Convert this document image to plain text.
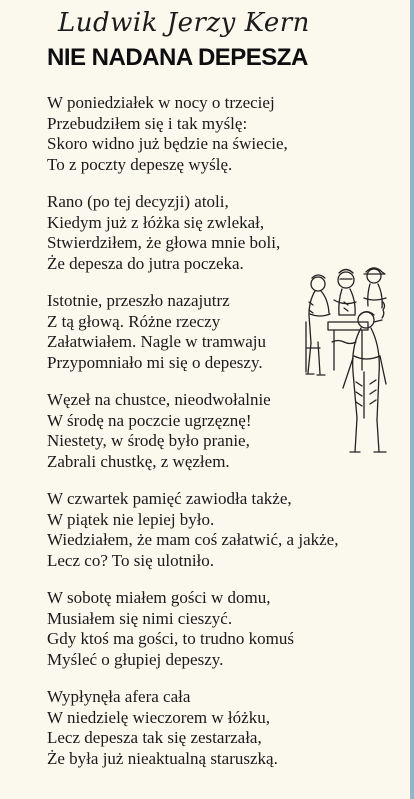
Ludwik Jerzy Kern
NIE NADANA DEPESZA
W poniedziałek w nocy o trzeciej
Przebudziłem się i tak myślę:
Skoro widno już będzie na świecie,
To z poczty depeszę wyślę.
Rano (po tej decyzji) atoli,
Kiedym już z łóżka się zwlekał,
Stwierdziłem, że głowa mnie boli,
Że depesza do jutra poczeka.
Istotnie, przeszło nazajutrz
Z tą głową. Różne rzeczy
Załatwiałem. Nagle w tramwaju
Przypomniało mi się o depeszy.
Węzeł na chustce, nieodwołalnie
W środę na poczcie ugrzęznę!
Niestety, w środę było pranie,
Zabrali chustkę, z węzłem.
W czwartek pamięć zawiodła także,
W piątek nie lepiej było.
Wiedziałem, że mam coś załatwić, a jakże,
Lecz co? To się ulotniło.
W sobotę miałem gości w domu,
Musiałem się nimi cieszyć.
Gdy ktoś ma gości, to trudno komuś
Myśleć o głupiej depeszy.
Wypłynęła afera cała
W niedzielę wieczorem w łóżku,
Lecz depesza tak się zestarzała,
Że była już nieaktualną staruszką.
